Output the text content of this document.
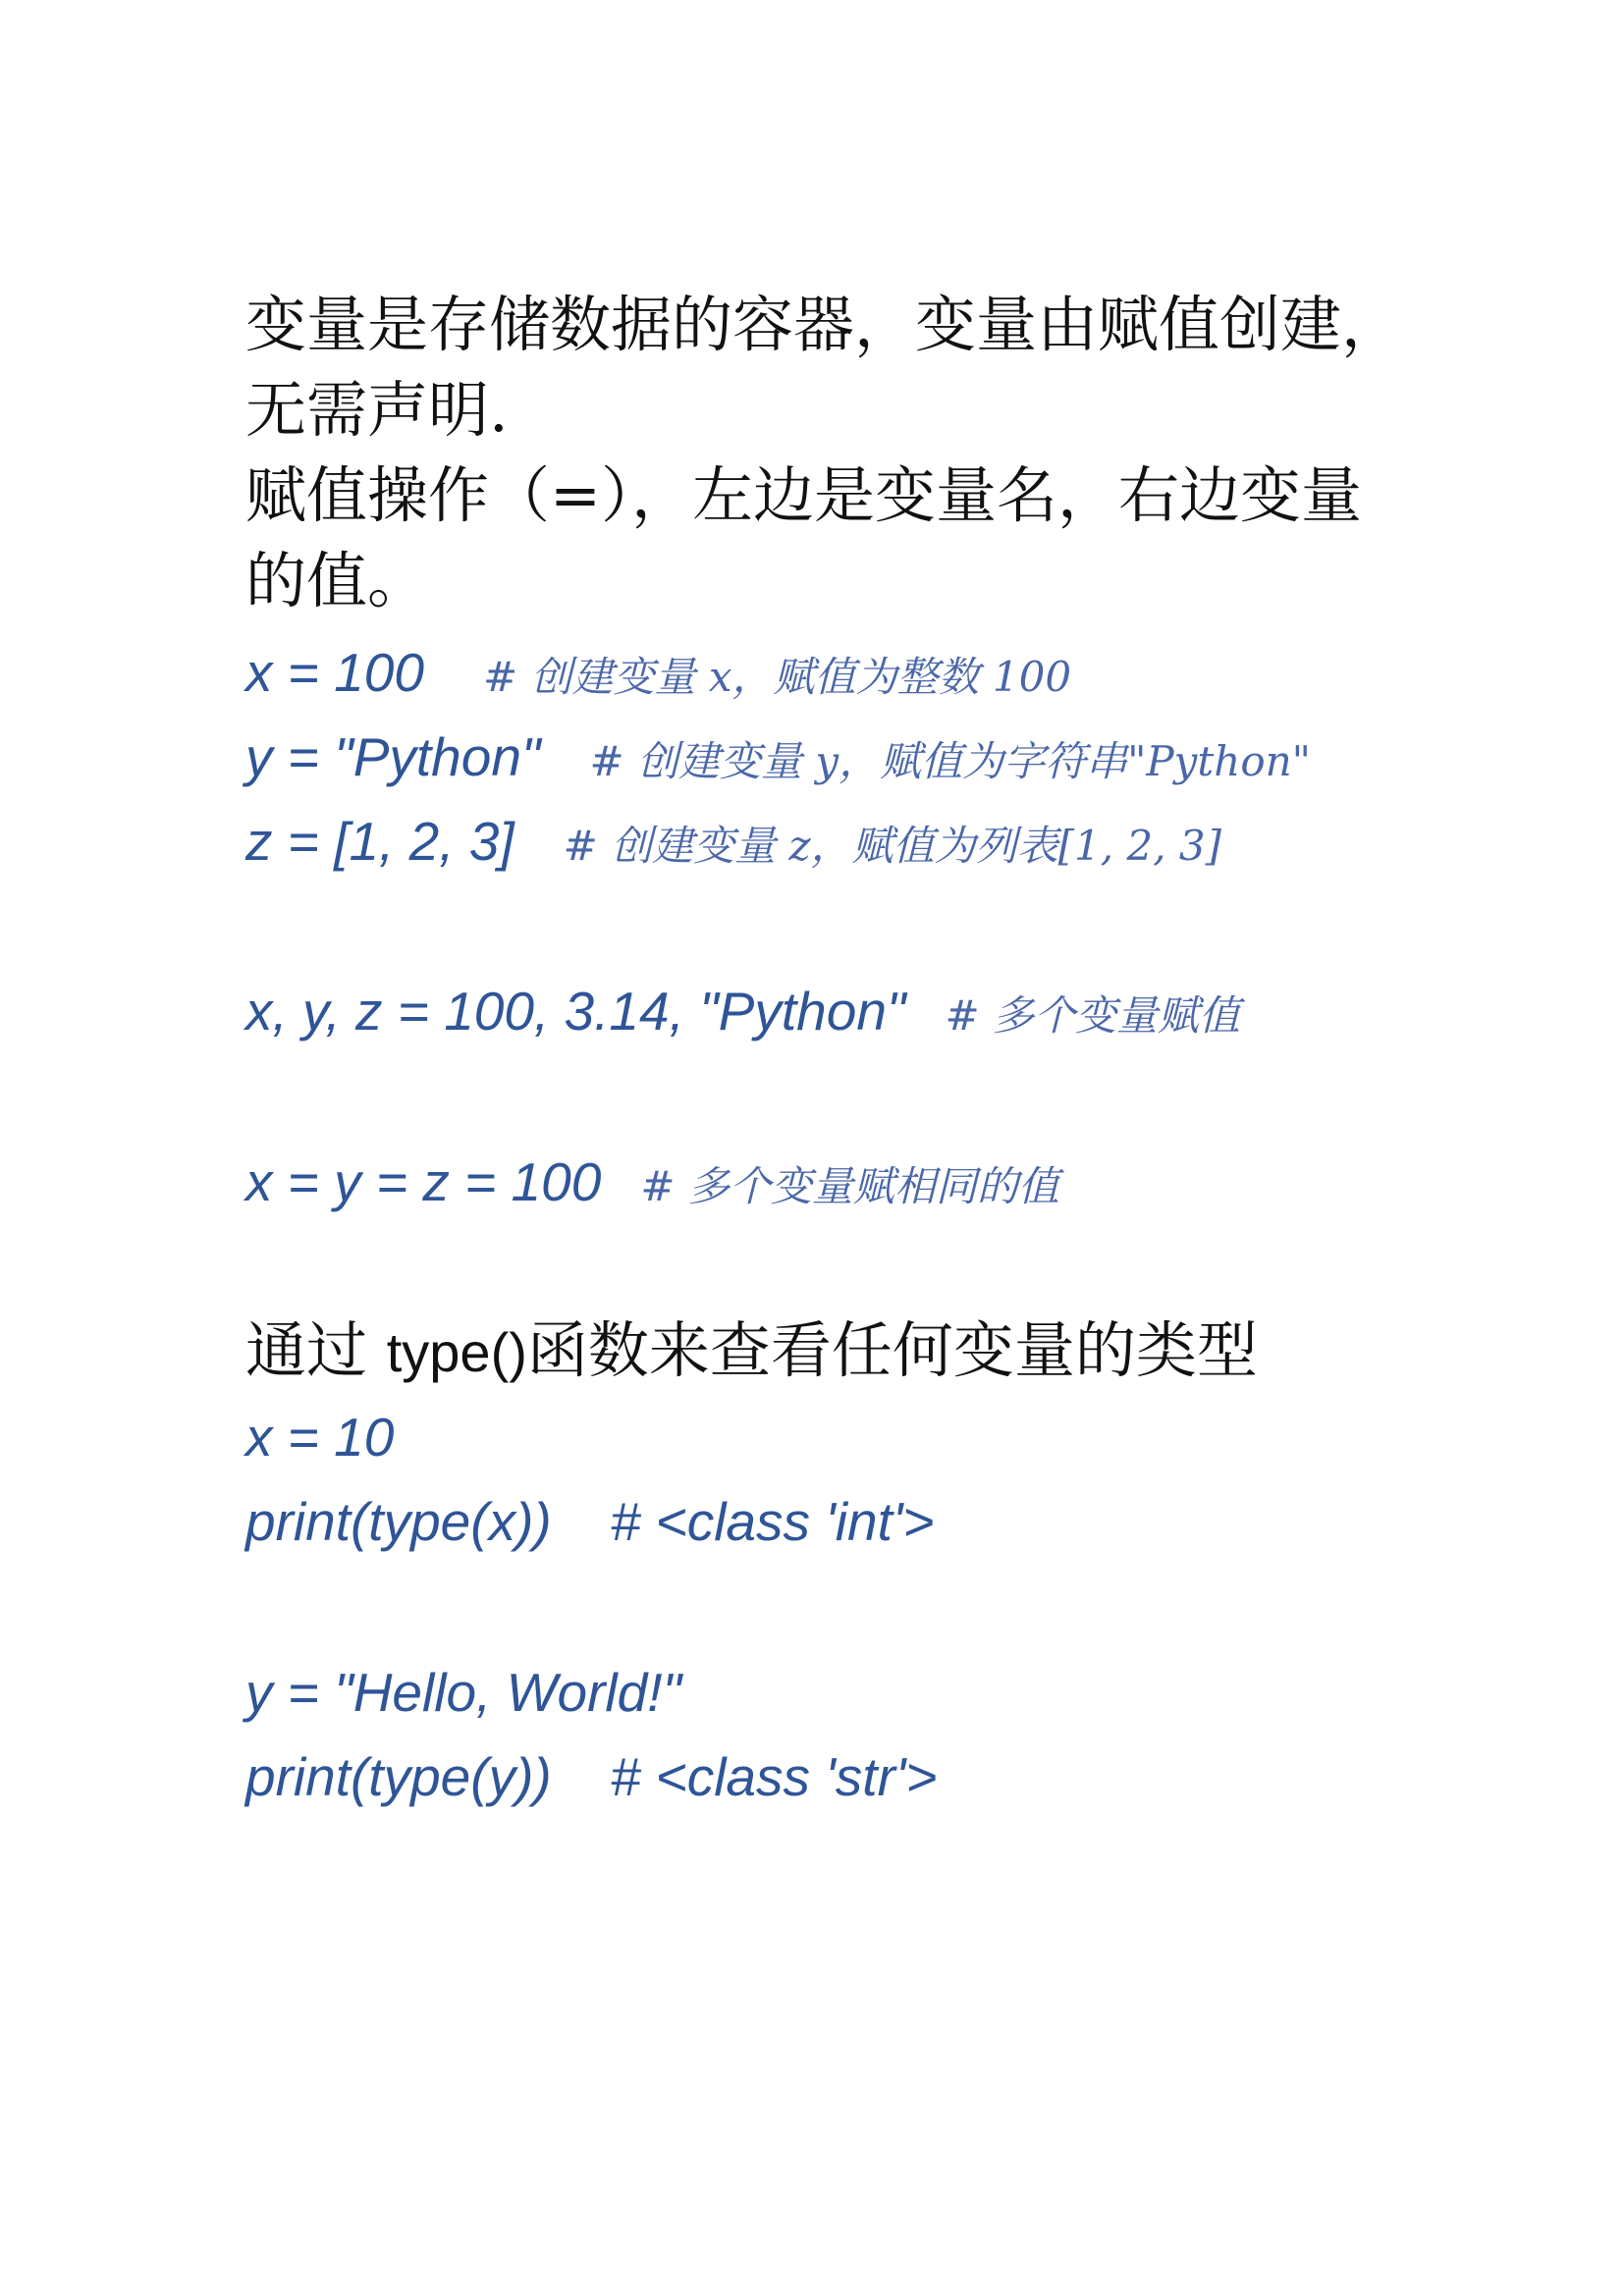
变量是存储数据的容器，变量由赋值创建，
无需声明.
赋值操作（=），左边是变量名，右边变量
的值。
x = 100 # 创建变量 x，赋值为整数 100
y = "Python" # 创建变量 y，赋值为字符串"Python"
z = [1, 2, 3] # 创建变量 z，赋值为列表[1, 2, 3]
x, y, z = 100, 3.14, "Python" # 多个变量赋值
x = y = z = 100 # 多个变量赋相同的值
通过 type()函数来查看任何变量的类型
x = 10
print(type(x)) # <class 'int'>
y = "Hello, World!"
print(type(y)) # <class 'str'>
